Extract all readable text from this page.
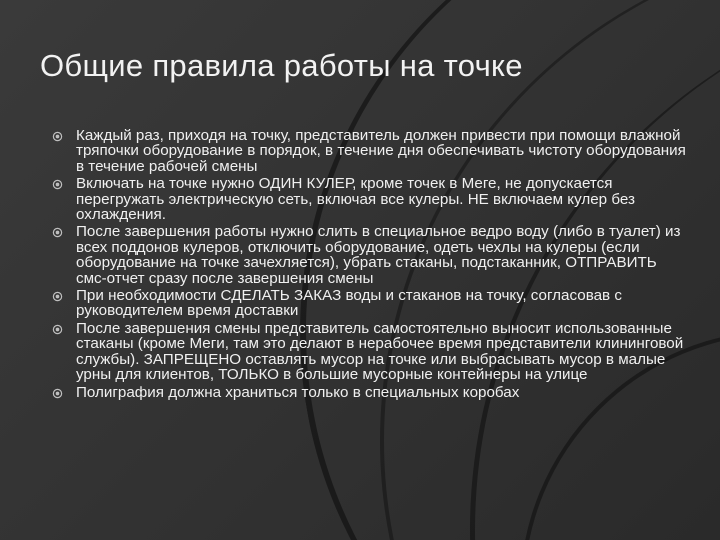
Общие правила работы на точке
Каждый раз, приходя на точку, представитель должен привести при помощи влажной тряпочки оборудование в порядок, в течение дня обеспечивать чистоту оборудования в течение рабочей смены
Включать на точке нужно ОДИН КУЛЕР, кроме точек в Меге, не допускается перегружать электрическую сеть, включая все кулеры. НЕ включаем кулер без охлаждения.
После завершения работы нужно слить в специальное ведро воду (либо в туалет) из всех поддонов кулеров, отключить оборудование, одеть чехлы на кулеры (если оборудование на точке зачехляется), убрать стаканы, подстаканник, ОТПРАВИТЬ смс-отчет сразу после завершения смены
При необходимости СДЕЛАТЬ ЗАКАЗ воды и стаканов на точку, согласовав с руководителем время доставки
После завершения смены представитель самостоятельно выносит использованные стаканы (кроме Меги, там это делают в нерабочее время представители клининговой службы). ЗАПРЕЩЕНО оставлять мусор на точке или выбрасывать мусор в малые урны для клиентов, ТОЛЬКО в большие мусорные контейнеры на улице
Полиграфия должна храниться только в специальных коробах
